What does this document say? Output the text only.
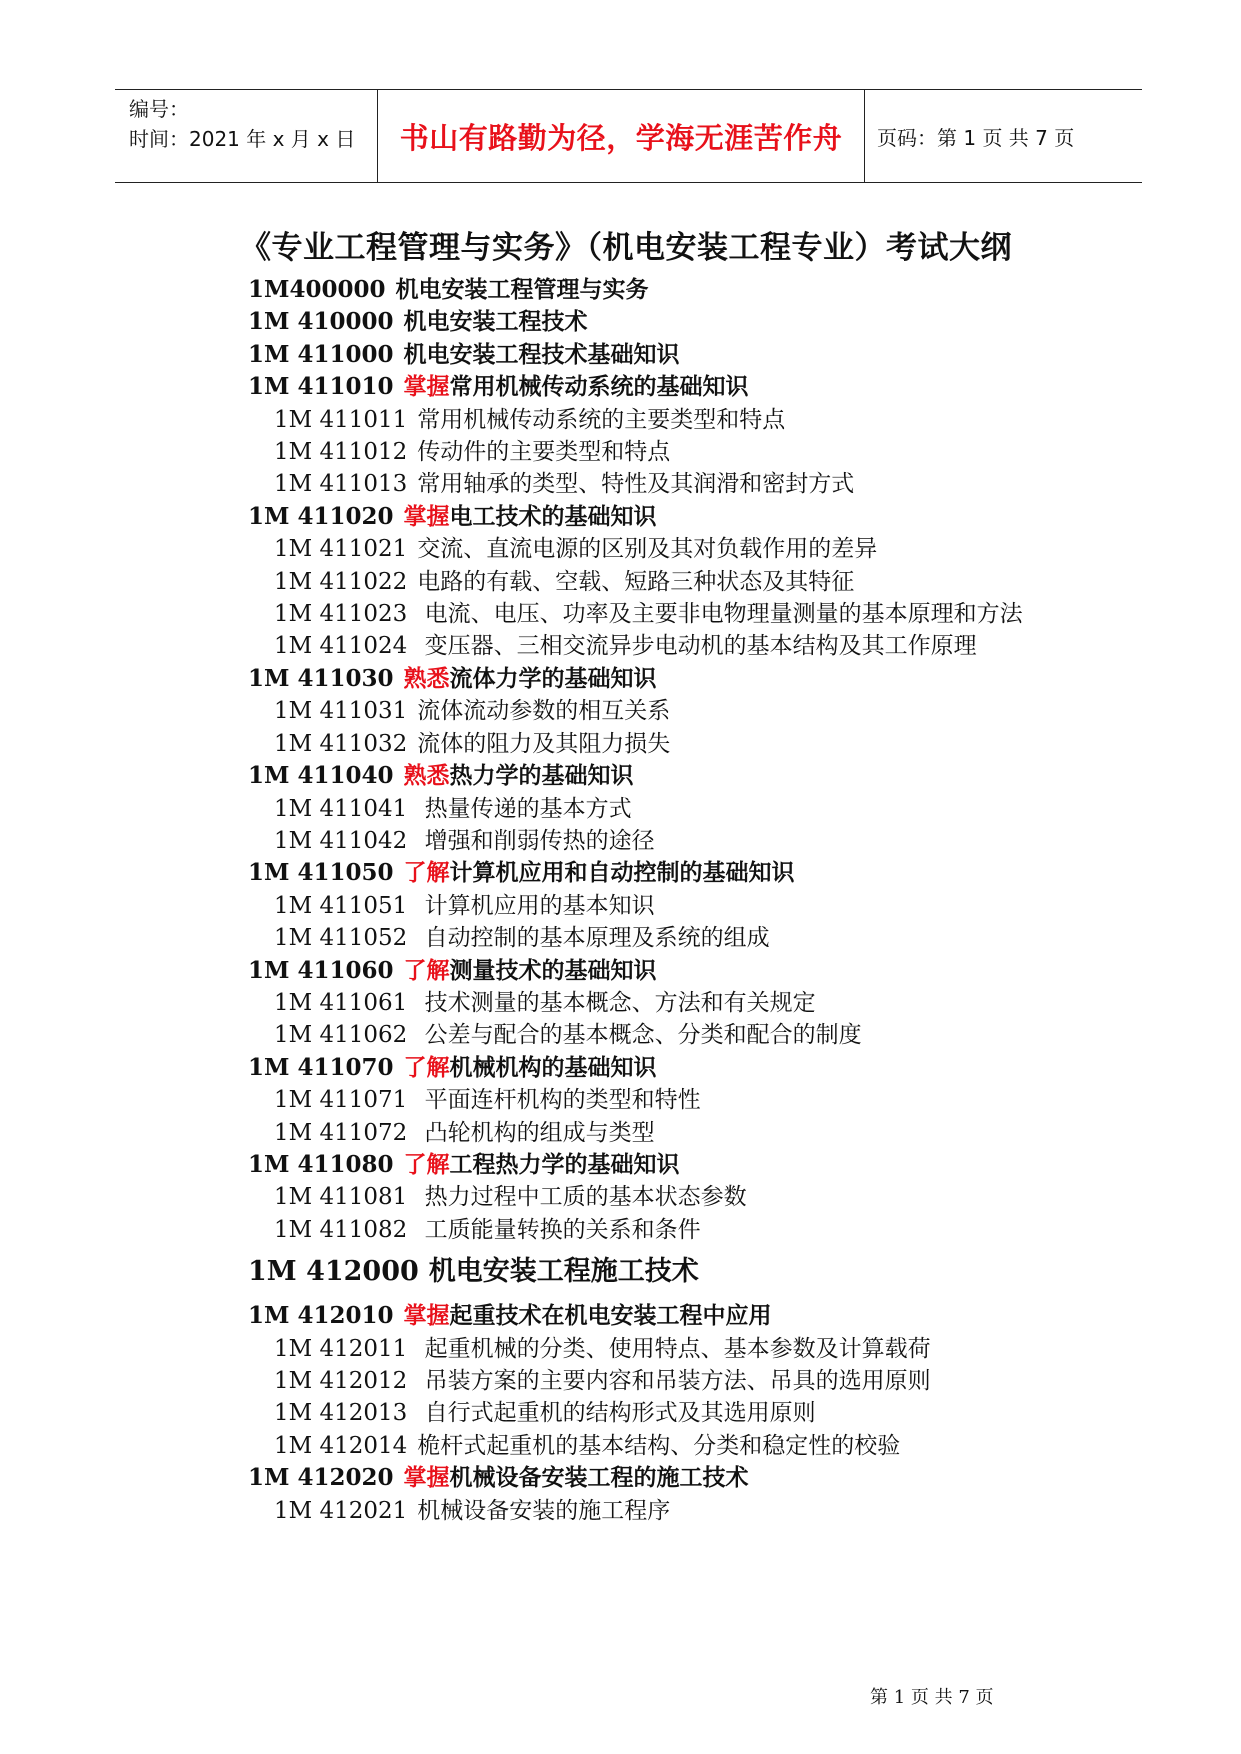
编号：
时间：2021 年 x 月 x 日	书山有路勤为径，学海无涯苦作舟	页码：第 1 页 共 7 页
《专业工程管理与实务》（机电安装工程专业）考试大纲
1M400000 机电安装工程管理与实务
1M 410000 机电安装工程技术
1M 411000 机电安装工程技术基础知识
1M 411010 掌握常用机械传动系统的基础知识
1M 411011 常用机械传动系统的主要类型和特点
1M 411012 传动件的主要类型和特点
1M 411013 常用轴承的类型、特性及其润滑和密封方式
1M 411020 掌握电工技术的基础知识
1M 411021 交流、直流电源的区别及其对负载作用的差异
1M 411022 电路的有载、空载、短路三种状态及其特征
1M 411023 电流、电压、功率及主要非电物理量测量的基本原理和方法
1M 411024 变压器、三相交流异步电动机的基本结构及其工作原理
1M 411030 熟悉流体力学的基础知识
1M 411031 流体流动参数的相互关系
1M 411032 流体的阻力及其阻力损失
1M 411040 熟悉热力学的基础知识
1M 411041 热量传递的基本方式
1M 411042 增强和削弱传热的途径
1M 411050 了解计算机应用和自动控制的基础知识
1M 411051 计算机应用的基本知识
1M 411052 自动控制的基本原理及系统的组成
1M 411060 了解测量技术的基础知识
1M 411061 技术测量的基本概念、方法和有关规定
1M 411062 公差与配合的基本概念、分类和配合的制度
1M 411070 了解机械机构的基础知识
1M 411071 平面连杆机构的类型和特性
1M 411072 凸轮机构的组成与类型
1M 411080 了解工程热力学的基础知识
1M 411081 热力过程中工质的基本状态参数
1M 411082 工质能量转换的关系和条件
1M 412000 机电安装工程施工技术
1M 412010 掌握起重技术在机电安装工程中应用
1M 412011 起重机械的分类、使用特点、基本参数及计算载荷
1M 412012 吊装方案的主要内容和吊装方法、吊具的选用原则
1M 412013 自行式起重机的结构形式及其选用原则
1M 412014 桅杆式起重机的基本结构、分类和稳定性的校验
1M 412020 掌握机械设备安装工程的施工技术
1M 412021 机械设备安装的施工程序
第 1 页 共 7 页
